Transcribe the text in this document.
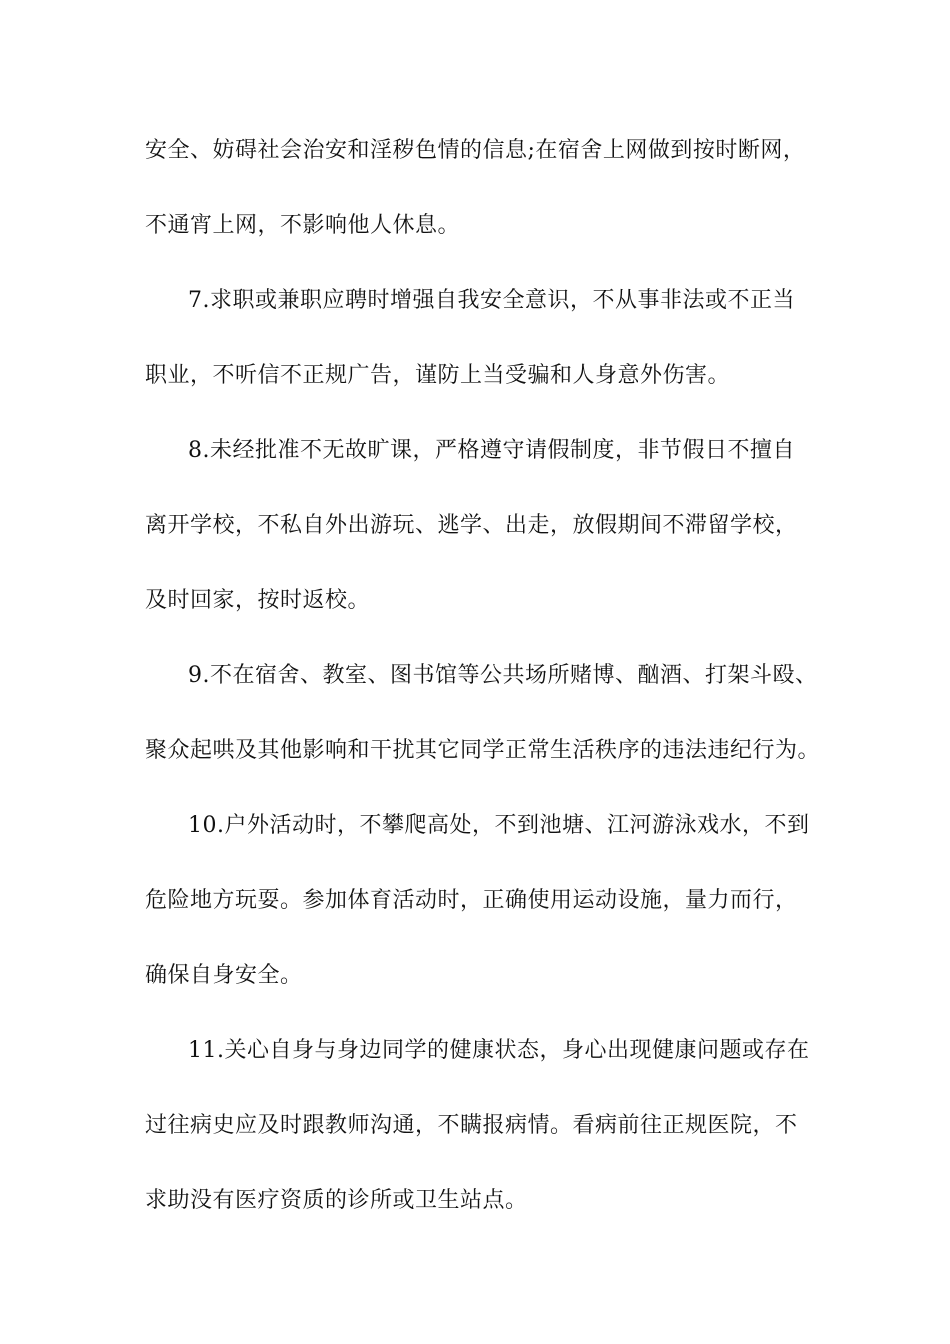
安全、妨碍社会治安和淫秽色情的信息;在宿舍上网做到按时断网，
不通宵上网，不影响他人休息。
7.求职或兼职应聘时增强自我安全意识，不从事非法或不正当
职业，不听信不正规广告，谨防上当受骗和人身意外伤害。
8.未经批准不无故旷课，严格遵守请假制度，非节假日不擅自
离开学校，不私自外出游玩、逃学、出走，放假期间不滞留学校，
及时回家，按时返校。
9.不在宿舍、教室、图书馆等公共场所赌博、酗酒、打架斗殴、
聚众起哄及其他影响和干扰其它同学正常生活秩序的违法违纪行为。
10.户外活动时，不攀爬高处，不到池塘、江河游泳戏水，不到
危险地方玩耍。参加体育活动时，正确使用运动设施，量力而行，
确保自身安全。
11.关心自身与身边同学的健康状态，身心出现健康问题或存在
过往病史应及时跟教师沟通，不瞒报病情。看病前往正规医院，不
求助没有医疗资质的诊所或卫生站点。
